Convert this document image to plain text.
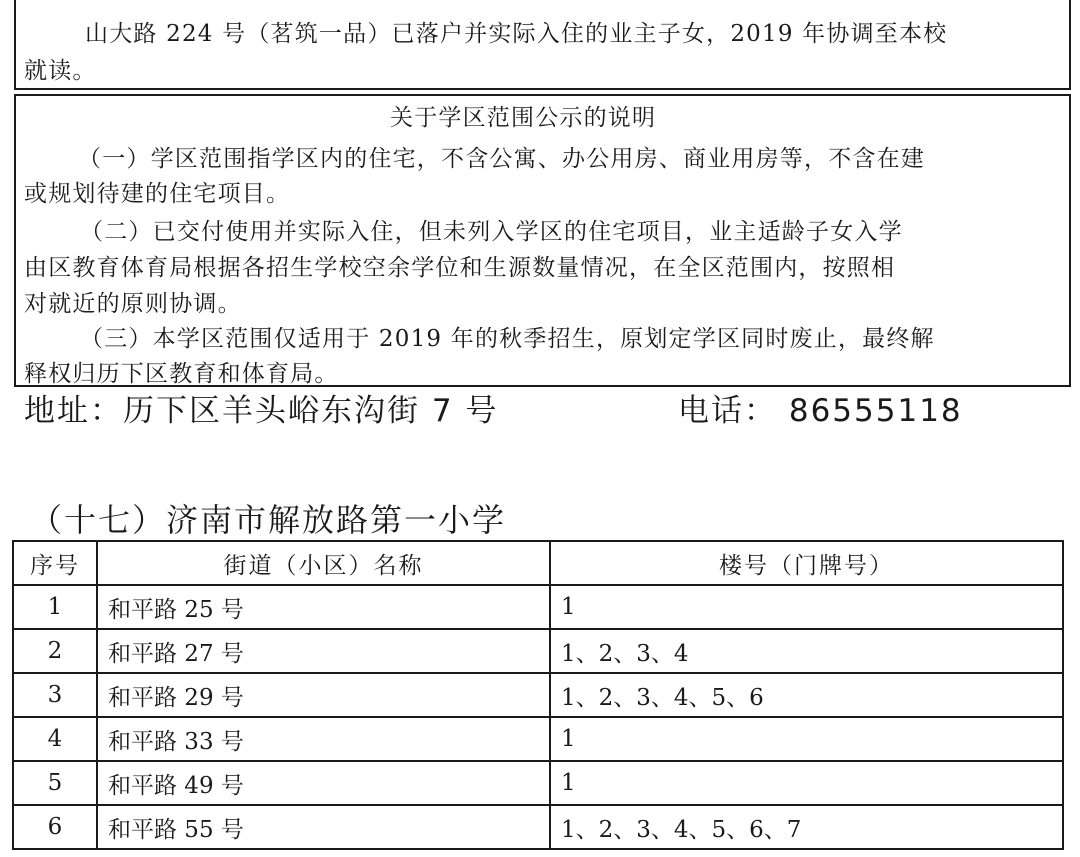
山大路 224 号（茗筑一品）已落户并实际入住的业主子女，2019 年协调至本校
就读。
关于学区范围公示的说明
（一）学区范围指学区内的住宅，不含公寓、办公用房、商业用房等，不含在建
或规划待建的住宅项目。
（二）已交付使用并实际入住，但未列入学区的住宅项目，业主适龄子女入学
由区教育体育局根据各招生学校空余学位和生源数量情况，在全区范围内，按照相
对就近的原则协调。
（三）本学区范围仅适用于 2019 年的秋季招生，原划定学区同时废止，最终解
释权归历下区教育和体育局。
地址：历下区羊头峪东沟街 7 号	电话： 86555118
（十七）济南市解放路第一小学
序号	街道（小区）名称	楼号（门牌号）
1	和平路 25 号	1
2	和平路 27 号	1、2、3、4
3	和平路 29 号	1、2、3、4、5、6
4	和平路 33 号	1
5	和平路 49 号	1
6	和平路 55 号	1、2、3、4、5、6、7
